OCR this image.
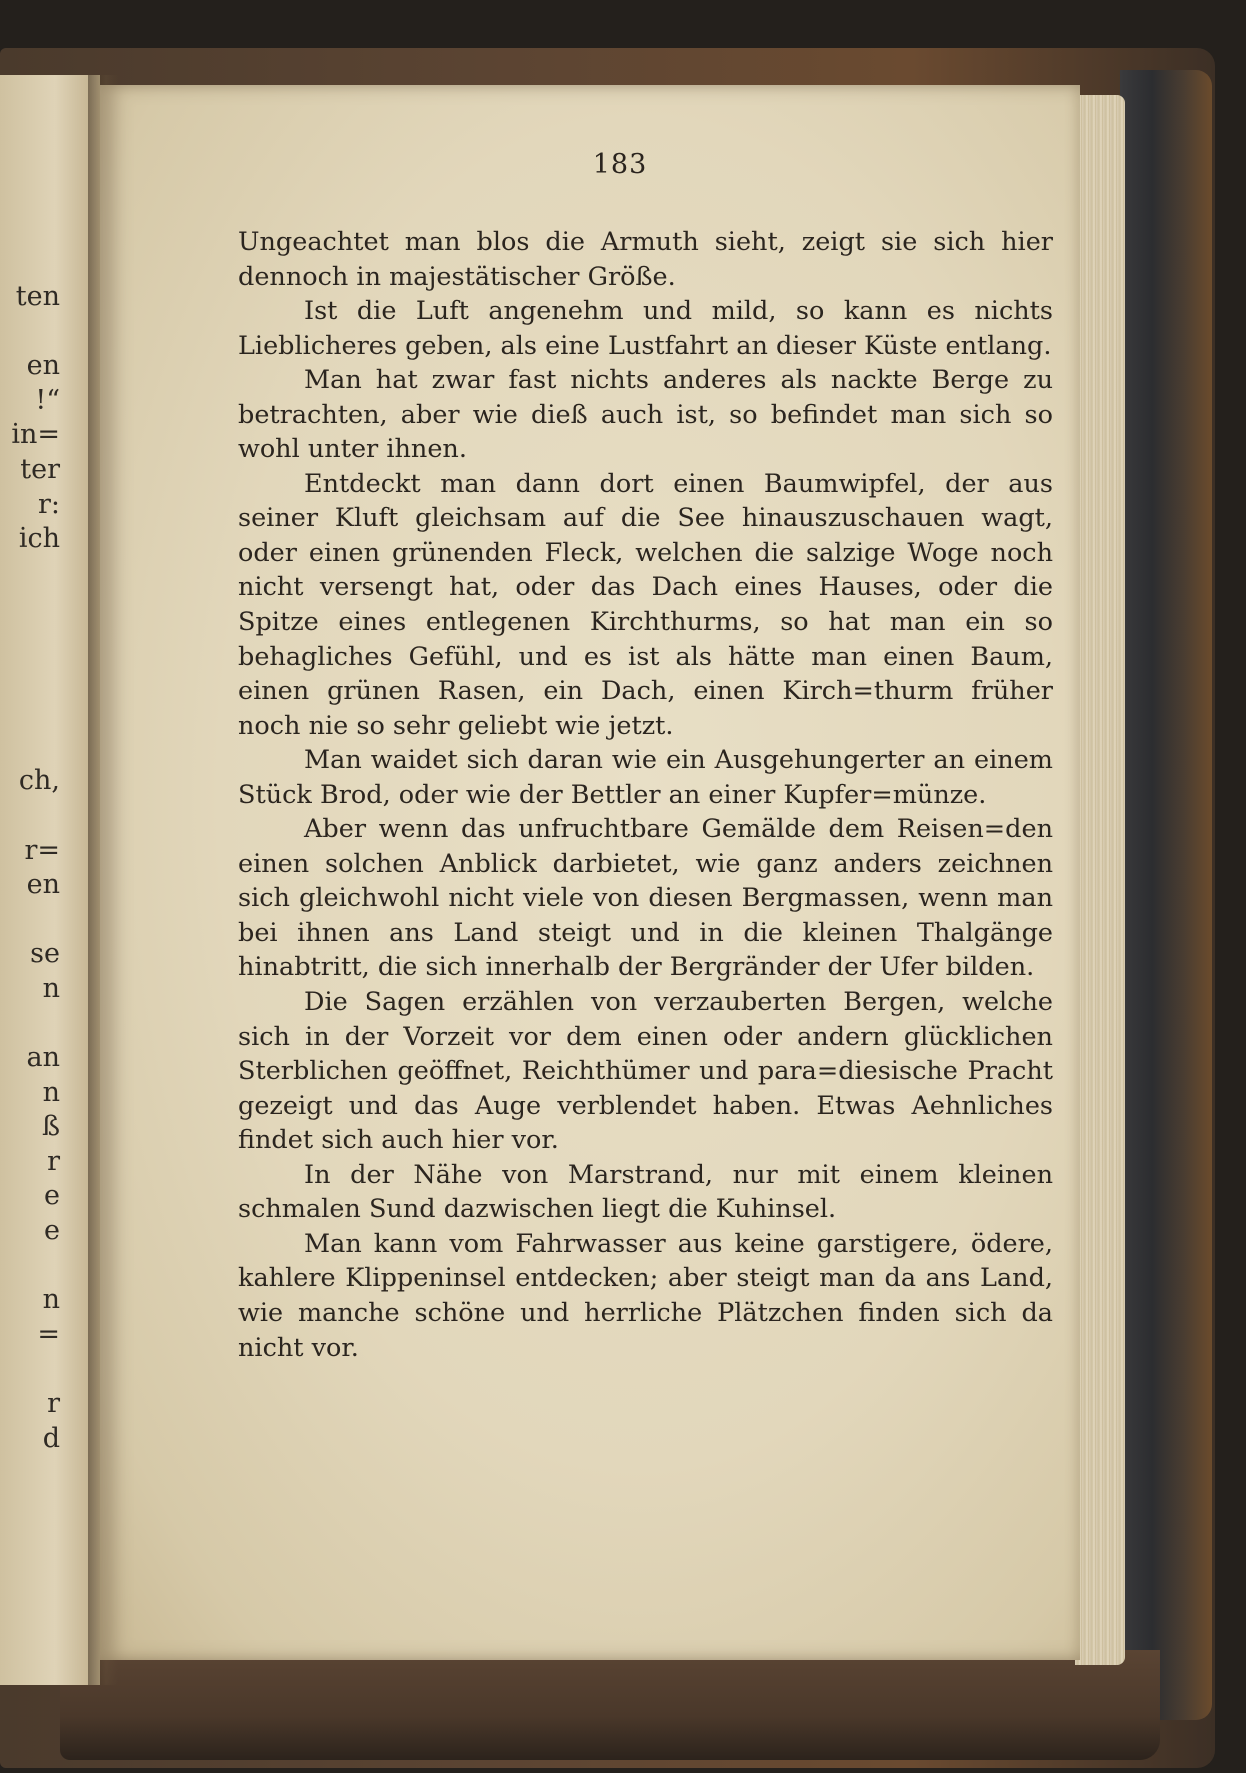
ten
en
!“
in=
ter
r:
ich
ch,
r=
en
se
n
an
n
ß
r
e
e
n
=
r
d
183

Ungeachtet man blos die Armuth sieht, zeigt sie sich hier dennoch in majestätischer Größe.

Ist die Luft angenehm und mild, so kann es nichts Lieblicheres geben, als eine Lustfahrt an dieser Küste entlang.

Man hat zwar fast nichts anderes als nackte Berge zu betrachten, aber wie dieß auch ist, so befindet man sich so wohl unter ihnen.

Entdeckt man dann dort einen Baumwipfel, der aus seiner Kluft gleichsam auf die See hinauszuschauen wagt, oder einen grünenden Fleck, welchen die salzige Woge noch nicht versengt hat, oder das Dach eines Hauses, oder die Spitze eines entlegenen Kirchthurms, so hat man ein so behagliches Gefühl, und es ist als hätte man einen Baum, einen grünen Rasen, ein Dach, einen Kirch=thurm früher noch nie so sehr geliebt wie jetzt.

Man waidet sich daran wie ein Ausgehungerter an einem Stück Brod, oder wie der Bettler an einer Kupfer=münze.

Aber wenn das unfruchtbare Gemälde dem Reisen=den einen solchen Anblick darbietet, wie ganz anders zeichnen sich gleichwohl nicht viele von diesen Bergmassen, wenn man bei ihnen ans Land steigt und in die kleinen Thalgänge hinabtritt, die sich innerhalb der Bergränder der Ufer bilden.

Die Sagen erzählen von verzauberten Bergen, welche sich in der Vorzeit vor dem einen oder andern glücklichen Sterblichen geöffnet, Reichthümer und para=diesische Pracht gezeigt und das Auge verblendet haben. Etwas Aehnliches findet sich auch hier vor.

In der Nähe von Marstrand, nur mit einem kleinen schmalen Sund dazwischen liegt die Kuhinsel.

Man kann vom Fahrwasser aus keine garstigere, ödere, kahlere Klippeninsel entdecken; aber steigt man da ans Land, wie manche schöne und herrliche Plätzchen finden sich da nicht vor.
